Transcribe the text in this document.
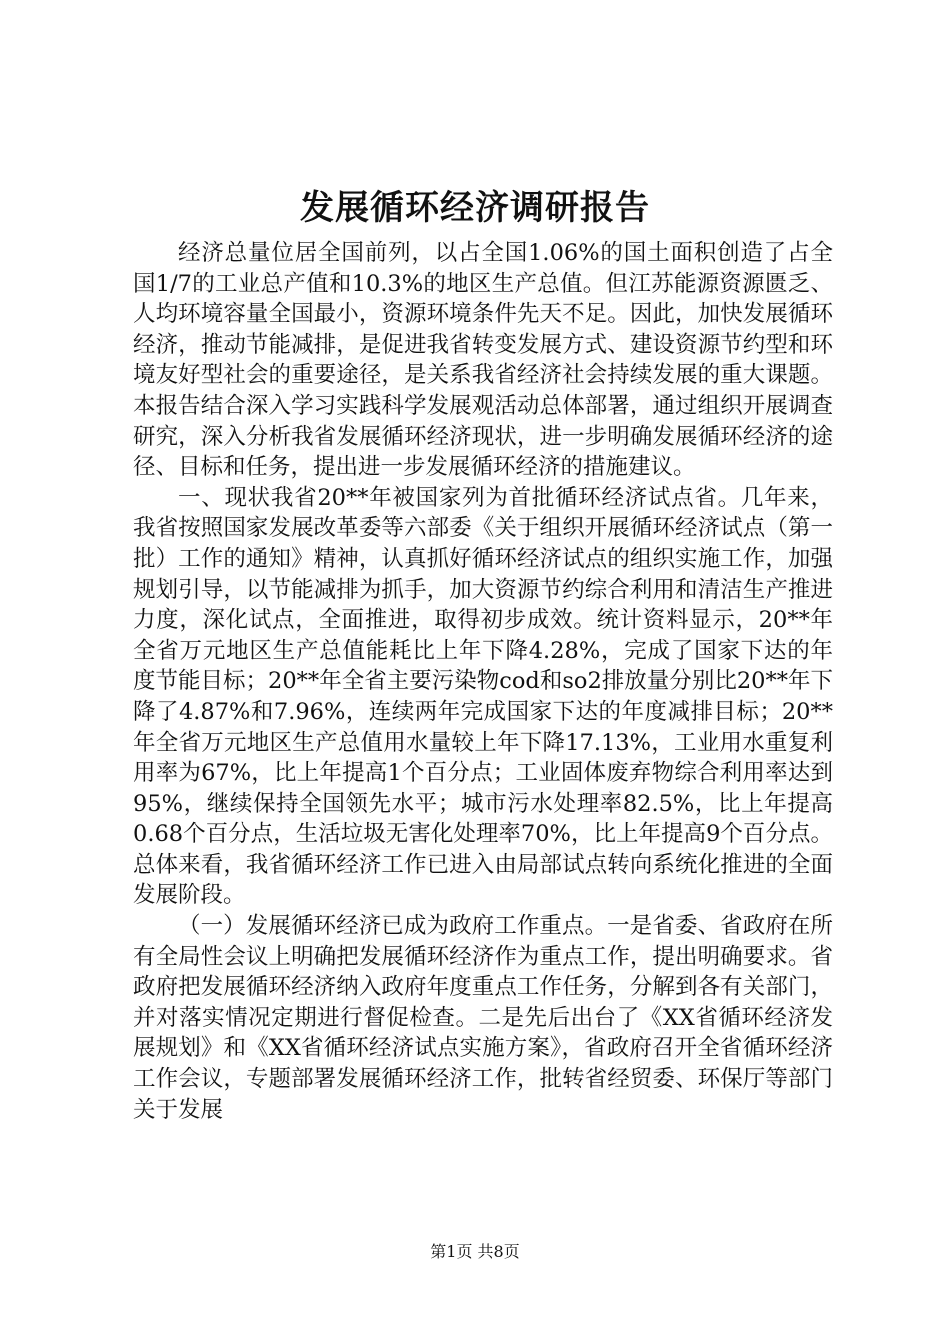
发展循环经济调研报告

经济总量位居全国前列，以占全国1.06%的国土面积创造了占全国1/7的工业总产值和10.3%的地区生产总值。但江苏能源资源匮乏、人均环境容量全国最小，资源环境条件先天不足。因此，加快发展循环经济，推动节能减排，是促进我省转变发展方式、建设资源节约型和环境友好型社会的重要途径，是关系我省经济社会持续发展的重大课题。本报告结合深入学习实践科学发展观活动总体部署，通过组织开展调查研究，深入分析我省发展循环经济现状，进一步明确发展循环经济的途径、目标和任务，提出进一步发展循环经济的措施建议。

一、现状我省20**年被国家列为首批循环经济试点省。几年来，我省按照国家发展改革委等六部委《关于组织开展循环经济试点（第一批）工作的通知》精神，认真抓好循环经济试点的组织实施工作，加强规划引导，以节能减排为抓手，加大资源节约综合利用和清洁生产推进力度，深化试点，全面推进，取得初步成效。统计资料显示，20**年全省万元地区生产总值能耗比上年下降4.28%，完成了国家下达的年度节能目标；20**年全省主要污染物cod和so2排放量分别比20**年下降了4.87%和7.96%，连续两年完成国家下达的年度减排目标；20**年全省万元地区生产总值用水量较上年下降17.13%，工业用水重复利用率为67%，比上年提高1个百分点；工业固体废弃物综合利用率达到95%，继续保持全国领先水平；城市污水处理率82.5%，比上年提高0.68个百分点，生活垃圾无害化处理率70%，比上年提高9个百分点。总体来看，我省循环经济工作已进入由局部试点转向系统化推进的全面发展阶段。

（一）发展循环经济已成为政府工作重点。一是省委、省政府在所有全局性会议上明确把发展循环经济作为重点工作，提出明确要求。省政府把发展循环经济纳入政府年度重点工作任务，分解到各有关部门，并对落实情况定期进行督促检查。二是先后出台了《XX省循环经济发展规划》和《XX省循环经济试点实施方案》，省政府召开全省循环经济工作会议，专题部署发展循环经济工作，批转省经贸委、环保厅等部门关于发展

第1页 共8页
